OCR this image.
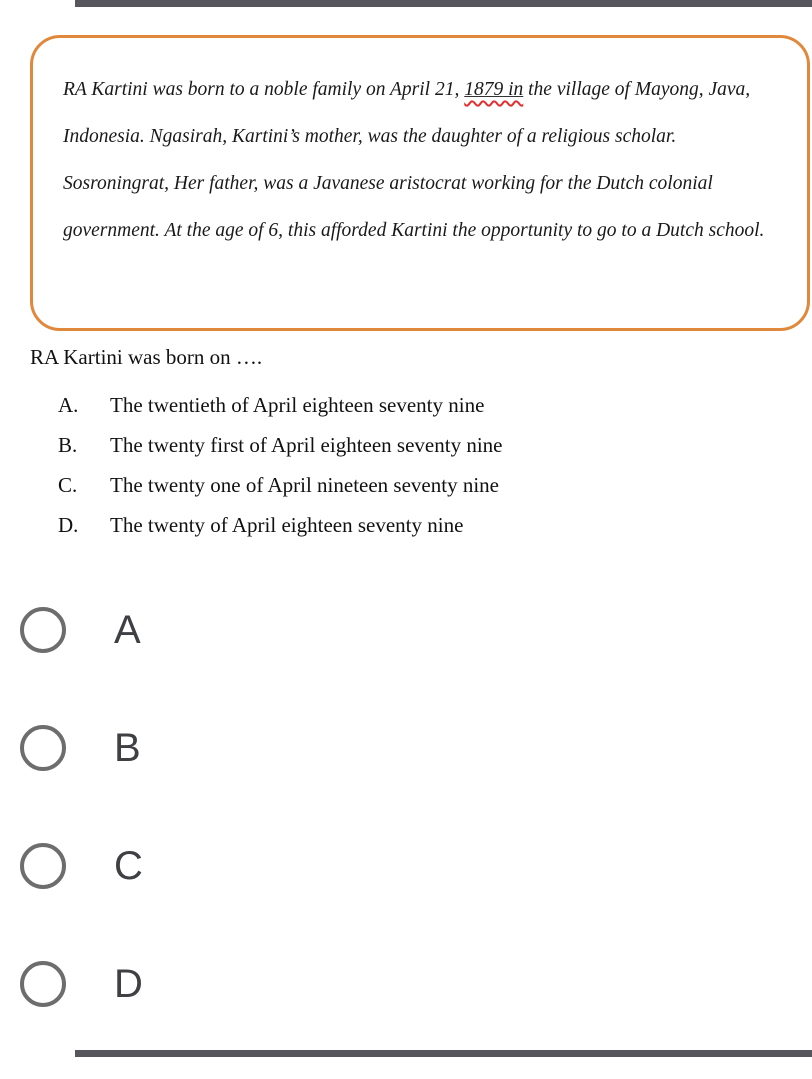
RA Kartini was born to a noble family on April 21, 1879 in the village of Mayong, Java, Indonesia. Ngasirah, Kartini’s mother, was the daughter of a religious scholar. Sosroningrat, Her father, was a Javanese aristocrat working for the Dutch colonial government. At the age of 6, this afforded Kartini the opportunity to go to a Dutch school.

RA Kartini was born on ….
A.	The twentieth of April eighteen seventy nine
B.	The twenty first of April eighteen seventy nine
C.	The twenty one of April nineteen seventy nine
D.	The twenty of April eighteen seventy nine
A
B
C
D
